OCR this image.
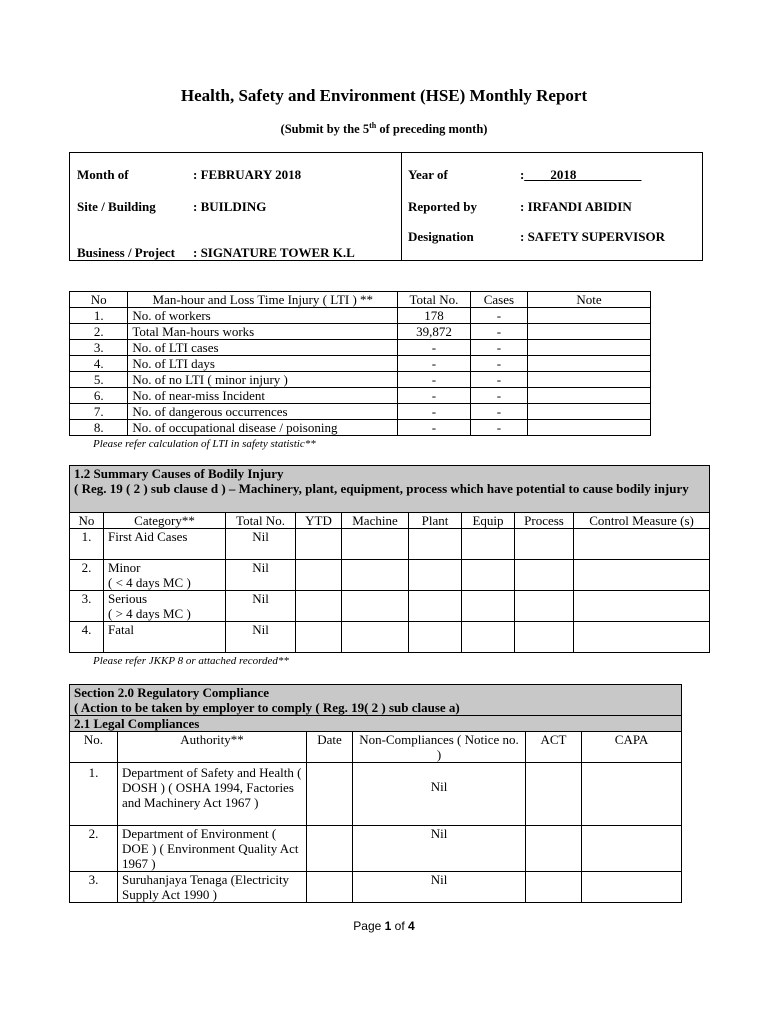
Health, Safety and Environment (HSE) Monthly Report
(Submit by the 5th of preceding month)
Month of	: FEBRUARY 2018
Site / Building	: BUILDING
Business / Project : SIGNATURE TOWER K.L
Year of	:____2018__________
Reported by	: IRFANDI ABIDIN
Designation	: SAFETY SUPERVISOR
No	Man-hour and Loss Time Injury ( LTI ) **	Total No.	Cases	Note
1.	No. of workers	178	-	
2.	Total Man-hours works	39,872	-	
3.	No. of LTI cases	-	-	
4.	No. of LTI days	-	-	
5.	No. of no LTI ( minor injury )	-	-	
6.	No. of near-miss Incident	-	-	
7.	No. of dangerous occurrences	-	-	
8.	No. of occupational disease / poisoning	-	-	
Please refer calculation of LTI in safety statistic**
1.2 Summary Causes of Bodily Injury
( Reg. 19 ( 2 ) sub clause d ) – Machinery, plant, equipment, process which have potential to cause bodily injury								

No	Category**	Total No.	YTD	Machine	Plant	Equip	Process	Control Measure (s)
1.	First Aid Cases	Nil						
2.	Minor
( < 4 days MC )	Nil						
3.	Serious
( > 4 days MC )	Nil						
4.	Fatal	Nil						
Please refer JKKP 8 or attached recorded**
Section 2.0 Regulatory Compliance
( Action to be taken by employer to comply ( Reg. 19( 2 ) sub clause a)					

2.1 Legal Compliances					
No.	Authority**	Date	Non-Compliances ( Notice no. )	ACT	CAPA
1.	Department of Safety and Health ( DOSH ) ( OSHA 1994, Factories and Machinery Act 1967 )		Nil		
2.	Department of Environment ( DOE ) ( Environment Quality Act 1967 )		Nil		
3.	Suruhanjaya Tenaga (Electricity Supply Act 1990 )		Nil		
Page 1 of 4
